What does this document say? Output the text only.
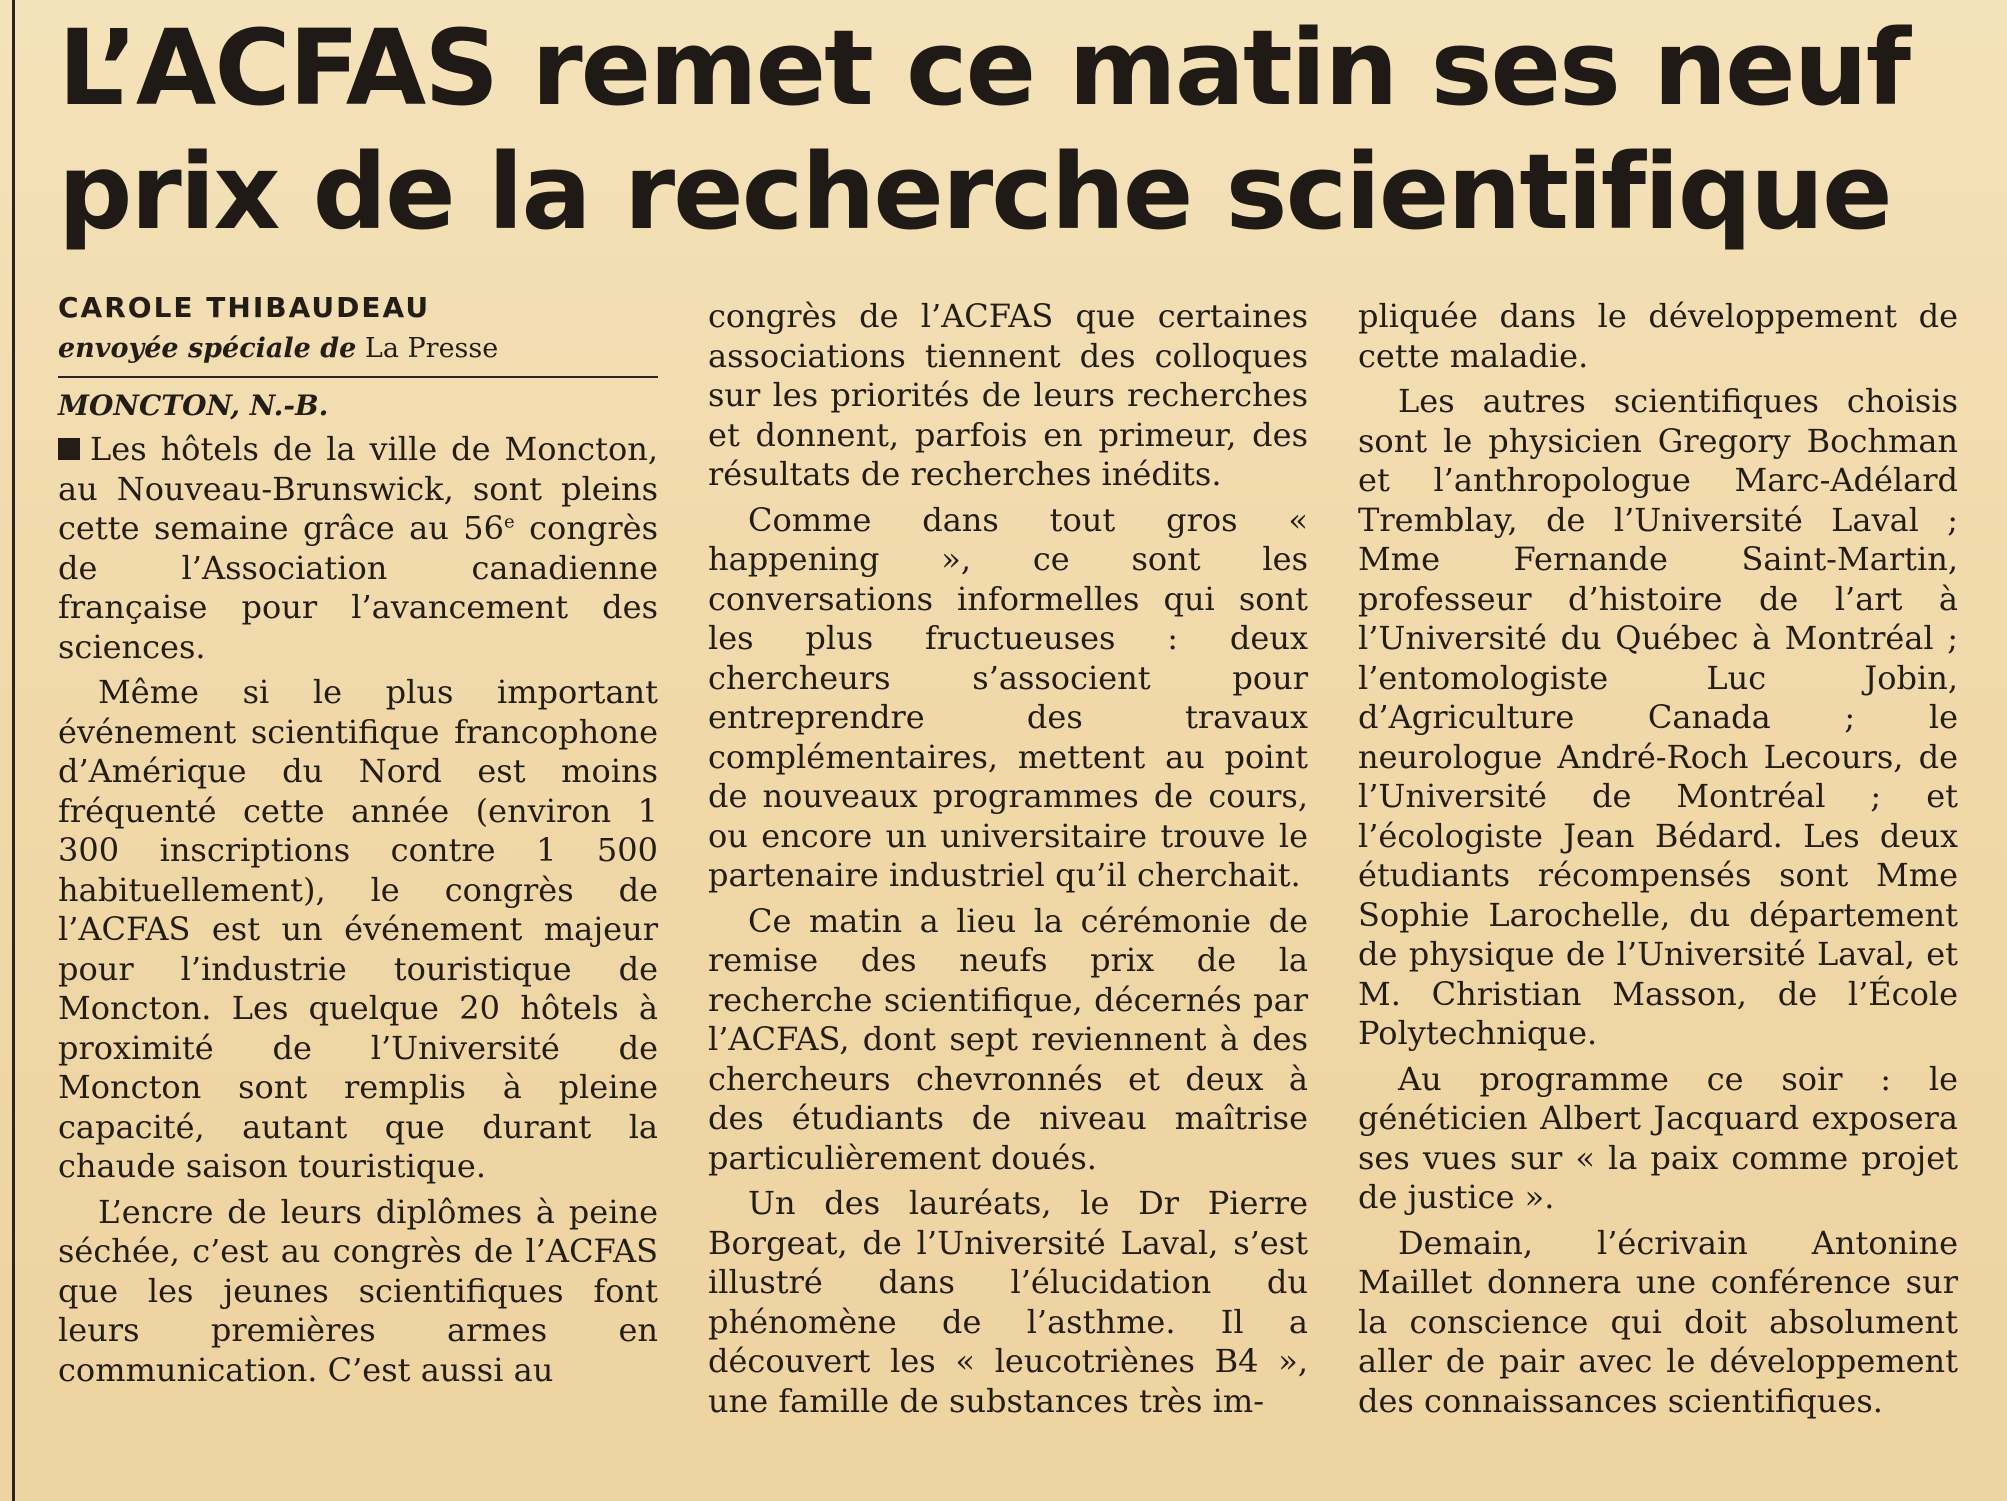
L’ACFAS remet ce matin ses neuf
prix de la recherche scientifique

CAROLE THIBAUDEAU

envoyée spéciale de La Presse

MONCTON, N.-B.

Les hôtels de la ville de Moncton, au Nouveau-Brunswick, sont pleins cette semaine grâce au 56e congrès de l’Association canadienne française pour l’avancement des sciences.

Même si le plus important événement scientifique francophone d’Amérique du Nord est moins fréquenté cette année (environ 1 300 inscriptions contre 1 500 habituellement), le congrès de l’ACFAS est un événement majeur pour l’industrie touristique de Moncton. Les quelque 20 hôtels à proximité de l’Université de Moncton sont remplis à pleine capacité, autant que durant la chaude saison touristique.

L’encre de leurs diplômes à peine séchée, c’est au congrès de l’ACFAS que les jeunes scientifiques font leurs premières armes en communication. C’est aussi au

congrès de l’ACFAS que certaines associations tiennent des colloques sur les priorités de leurs recherches et donnent, parfois en primeur, des résultats de recherches inédits.

Comme dans tout gros « happening », ce sont les conversations informelles qui sont les plus fructueuses : deux chercheurs s’associent pour entreprendre des travaux complémentaires, mettent au point de nouveaux programmes de cours, ou encore un universitaire trouve le partenaire industriel qu’il cherchait.

Ce matin a lieu la cérémonie de remise des neufs prix de la recherche scientifique, décernés par l’ACFAS, dont sept reviennent à des chercheurs chevronnés et deux à des étudiants de niveau maîtrise particulièrement doués.

Un des lauréats, le Dr Pierre Borgeat, de l’Université Laval, s’est illustré dans l’élucidation du phénomène de l’asthme. Il a découvert les « leucotriènes B4 », une famille de substances très im-

pliquée dans le développement de cette maladie.

Les autres scientifiques choisis sont le physicien Gregory Bochman et l’anthropologue Marc-Adélard Tremblay, de l’Université Laval ; Mme Fernande Saint-Martin, professeur d’histoire de l’art à l’Université du Québec à Montréal ; l’entomologiste Luc Jobin, d’Agriculture Canada ; le neurologue André-Roch Lecours, de l’Université de Montréal ; et l’écologiste Jean Bédard. Les deux étudiants récompensés sont Mme Sophie Larochelle, du département de physique de l’Université Laval, et M. Christian Masson, de l’École Polytechnique.

Au programme ce soir : le généticien Albert Jacquard exposera ses vues sur « la paix comme projet de justice ».

Demain, l’écrivain Antonine Maillet donnera une conférence sur la conscience qui doit absolument aller de pair avec le développement des connaissances scientifiques.
